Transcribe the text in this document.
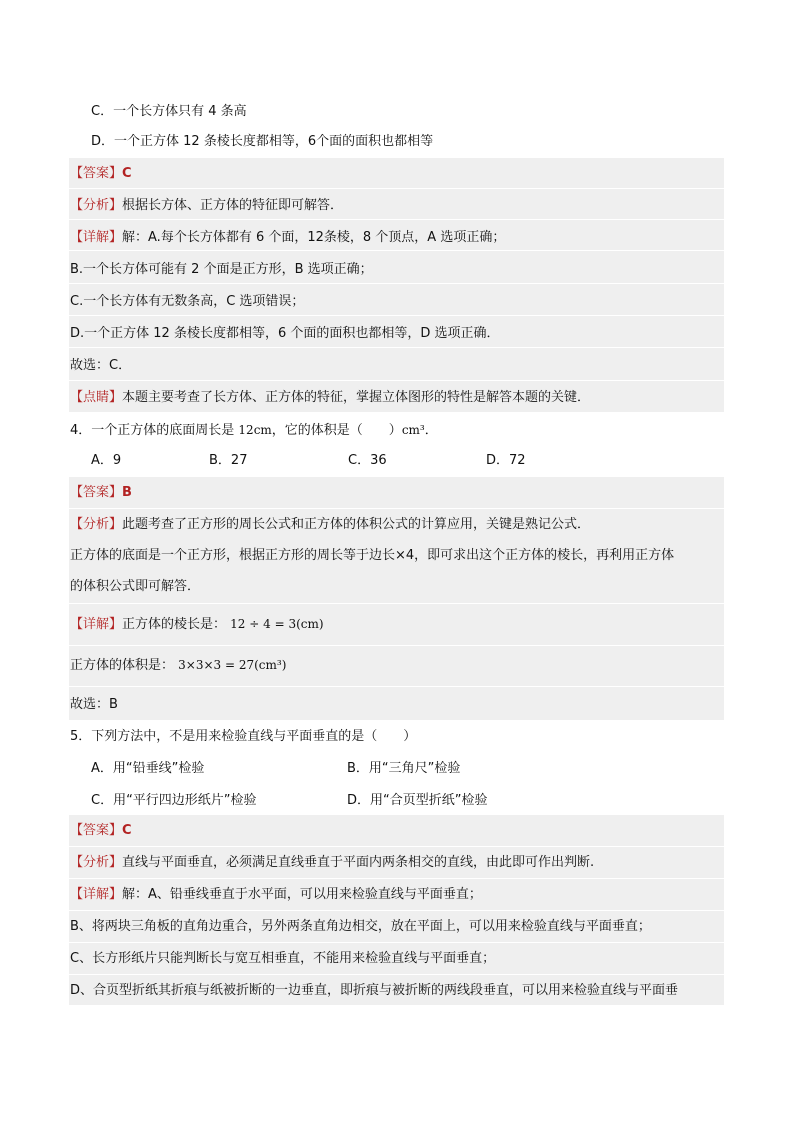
C．一个长方体只有 4 条高
D．一个正方体 12 条棱长度都相等，6个面的面积也都相等
【答案】C
【分析】根据长方体、正方体的特征即可解答．
【详解】解：A.每个长方体都有 6 个面，12条棱，8 个顶点，A 选项正确；
B.一个长方体可能有 2 个面是正方形，B 选项正确；
C.一个长方体有无数条高，C 选项错误；
D.一个正方体 12 条棱长度都相等，6 个面的面积也都相等，D 选项正确．
故选：C．
【点睛】本题主要考查了长方体、正方体的特征，掌握立体图形的特性是解答本题的关键．
4．一个正方体的底面周长是 12cm，它的体积是（　　）cm³．
A．9	B．27	C．36	D．72
【答案】B
【分析】此题考查了正方形的周长公式和正方体的体积公式的计算应用，关键是熟记公式．
正方体的底面是一个正方形，根据正方形的周长等于边长×4，即可求出这个正方体的棱长，再利用正方体
的体积公式即可解答．
【详解】正方体的棱长是： 12 ÷ 4 = 3(cm)
正方体的体积是： 3×3×3 = 27(cm³)
故选：B
5．下列方法中，不是用来检验直线与平面垂直的是（　　）
A．用“铅垂线”检验	B．用“三角尺”检验
C．用“平行四边形纸片”检验	D．用“合页型折纸”检验
【答案】C
【分析】直线与平面垂直，必须满足直线垂直于平面内两条相交的直线，由此即可作出判断.
【详解】解：A、铅垂线垂直于水平面，可以用来检验直线与平面垂直；
B、将两块三角板的直角边重合，另外两条直角边相交，放在平面上，可以用来检验直线与平面垂直；
C、长方形纸片只能判断长与宽互相垂直，不能用来检验直线与平面垂直；
D、合页型折纸其折痕与纸被折断的一边垂直，即折痕与被折断的两线段垂直，可以用来检验直线与平面垂
